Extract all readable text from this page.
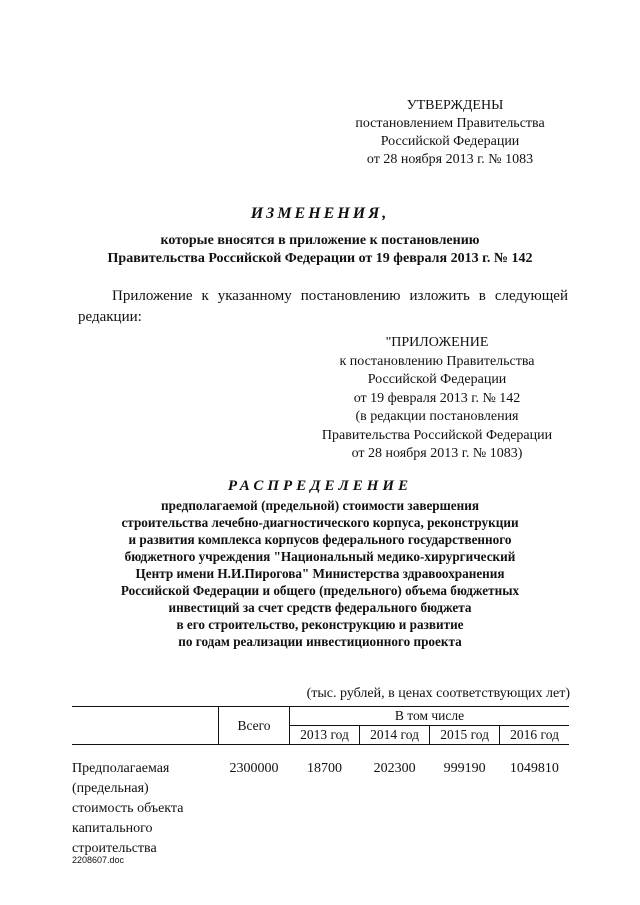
УТВЕРЖДЕНЫ
постановлением Правительства
Российской Федерации
от 28 ноября 2013 г. № 1083
ИЗМЕНЕНИЯ,
которые вносятся в приложение к постановлению
Правительства Российской Федерации от 19 февраля 2013 г. № 142
Приложение к указанному постановлению изложить в следующей
редакции:
"ПРИЛОЖЕНИЕ
к постановлению Правительства
Российской Федерации
от 19 февраля 2013 г. № 142
(в редакции постановления
Правительства Российской Федерации
от 28 ноября 2013 г. № 1083)
РАСПРЕДЕЛЕНИЕ
предполагаемой (предельной) стоимости завершения
строительства лечебно-диагностического корпуса, реконструкции
и развития комплекса корпусов федерального государственного
бюджетного учреждения "Национальный медико-хирургический
Центр имени Н.И.Пирогова" Министерства здравоохранения
Российской Федерации и общего (предельного) объема бюджетных
инвестиций за счет средств федерального бюджета
в его строительство, реконструкцию и развитие
по годам реализации инвестиционного проекта
(тыс. рублей, в ценах соответствующих лет)
	Всего	В том числе			
		2013 год	2014 год	2015 год	2016 год

Предполагаемая
(предельная)
стоимость объекта
капитального
строительства	2300000	18700	202300	999190	1049810
2208607.doc
